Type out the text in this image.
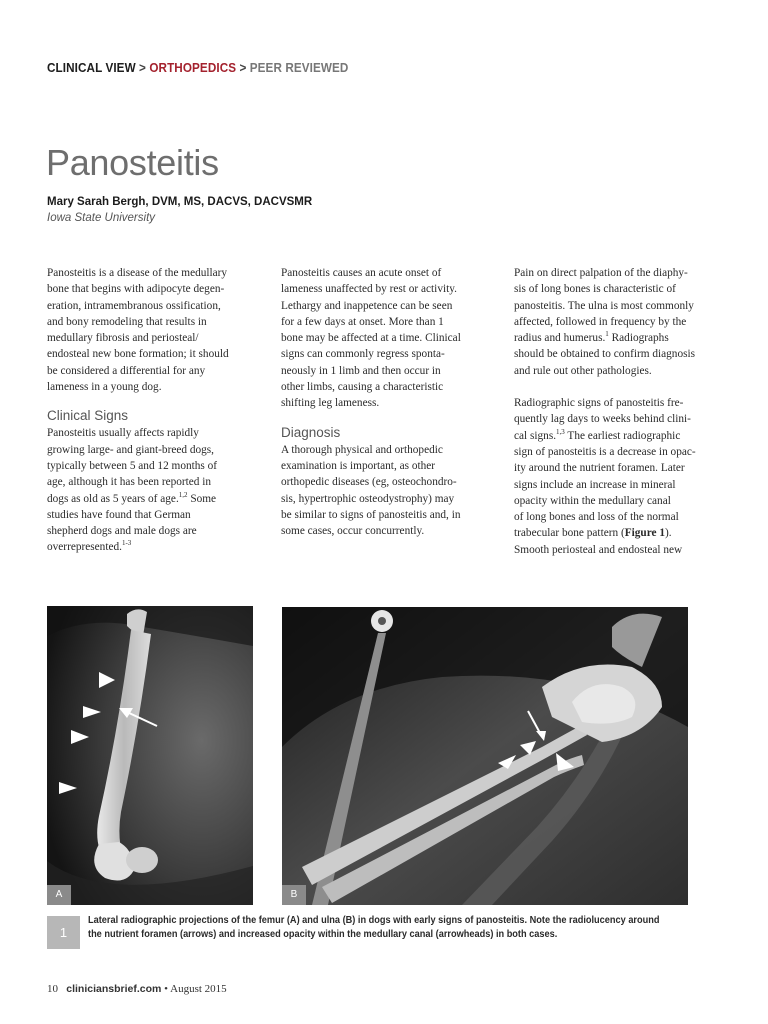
CLINICAL VIEW > ORTHOPEDICS > PEER REVIEWED
Panosteitis
Mary Sarah Bergh, DVM, MS, DACVS, DACVSMR
Iowa State University

Panosteitis is a disease of the medullary
bone that begins with adipocyte degen-
eration, intramembranous ossification,
and bony remodeling that results in
medullary fibrosis and periosteal/
endosteal new bone formation; it should
be considered a differential for any
lameness in a young dog.

Clinical Signs

Panosteitis usually affects rapidly
growing large- and giant-breed dogs,
typically between 5 and 12 months of
age, although it has been reported in
dogs as old as 5 years of age.$^{1,2}$ Some
studies have found that German
shepherd dogs and male dogs are
overrepresented.$^{1-3}$

Panosteitis causes an acute onset of
lameness unaffected by rest or activity.
Lethargy and inappetence can be seen
for a few days at onset. More than 1
bone may be affected at a time. Clinical
signs can commonly regress sponta-
neously in 1 limb and then occur in
other limbs, causing a characteristic
shifting leg lameness.

Diagnosis

A thorough physical and orthopedic
examination is important, as other
orthopedic diseases (eg, osteochondro-
sis, hypertrophic osteodystrophy) may
be similar to signs of panosteitis and, in
some cases, occur concurrently.

Pain on direct palpation of the diaphy-
sis of long bones is characteristic of
panosteitis. The ulna is most commonly
affected, followed in frequency by the
radius and humerus.$^1$ Radiographs
should be obtained to confirm diagnosis
and rule out other pathologies.

Radiographic signs of panosteitis fre-
quently lag days to weeks behind clini-
cal signs.$^{1,3}$ The earliest radiographic
sign of panosteitis is a decrease in opac-
ity around the nutrient foramen. Later
signs include an increase in mineral
opacity within the medullary canal
of long bones and loss of the normal
trabecular bone pattern (Figure 1).
Smooth periosteal and endosteal new

A	B
1
Lateral radiographic projections of the femur (A) and ulna (B) in dogs with early signs of panosteitis. Note the radiolucency around
the nutrient foramen (arrows) and increased opacity within the medullary canal (arrowheads) in both cases.
10 cliniciansbrief.com • August 2015
